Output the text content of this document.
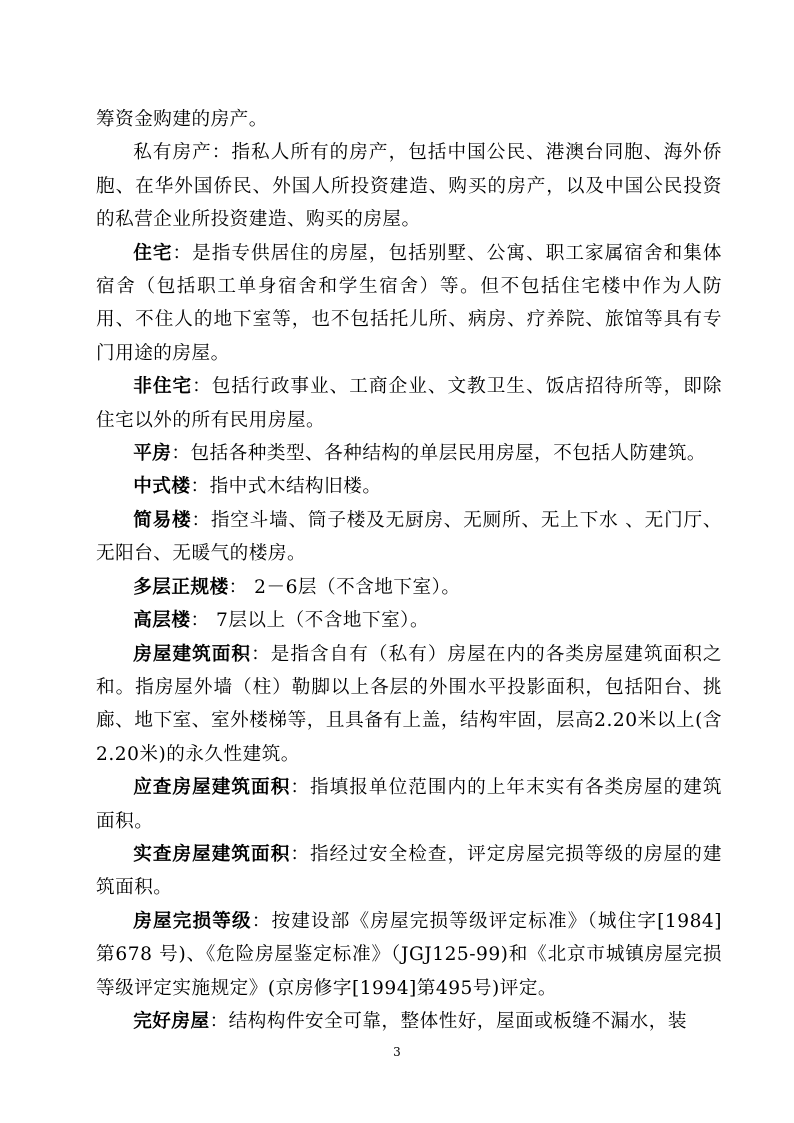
筹资金购建的房产。

私有房产：指私人所有的房产，包括中国公民、港澳台同胞、海外侨胞、在华外国侨民、外国人所投资建造、购买的房产，以及中国公民投资的私营企业所投资建造、购买的房屋。

住宅：是指专供居住的房屋，包括别墅、公寓、职工家属宿舍和集体宿舍（包括职工单身宿舍和学生宿舍）等。但不包括住宅楼中作为人防用、不住人的地下室等，也不包括托儿所、病房、疗养院、旅馆等具有专门用途的房屋。

非住宅：包括行政事业、工商企业、文教卫生、饭店招待所等，即除住宅以外的所有民用房屋。

平房：包括各种类型、各种结构的单层民用房屋，不包括人防建筑。

中式楼：指中式木结构旧楼。

简易楼：指空斗墙、筒子楼及无厨房、无厕所、无上下水 、无门厅、无阳台、无暖气的楼房。

多层正规楼： 2－6层（不含地下室）。

高层楼： 7层以上（不含地下室）。

房屋建筑面积：是指含自有（私有）房屋在内的各类房屋建筑面积之和。指房屋外墙（柱）勒脚以上各层的外围水平投影面积，包括阳台、挑廊、地下室、室外楼梯等，且具备有上盖，结构牢固，层高2.20米以上(含2.20米)的永久性建筑。

应查房屋建筑面积：指填报单位范围内的上年末实有各类房屋的建筑面积。

实查房屋建筑面积：指经过安全检查，评定房屋完损等级的房屋的建筑面积。

房屋完损等级：按建设部《房屋完损等级评定标准》（城住字[1984]第678 号)、《危险房屋鉴定标准》（JGJ125-99)和《北京市城镇房屋完损等级评定实施规定》(京房修字[1994]第495号)评定。

完好房屋：结构构件安全可靠，整体性好，屋面或板缝不漏水，装

3
